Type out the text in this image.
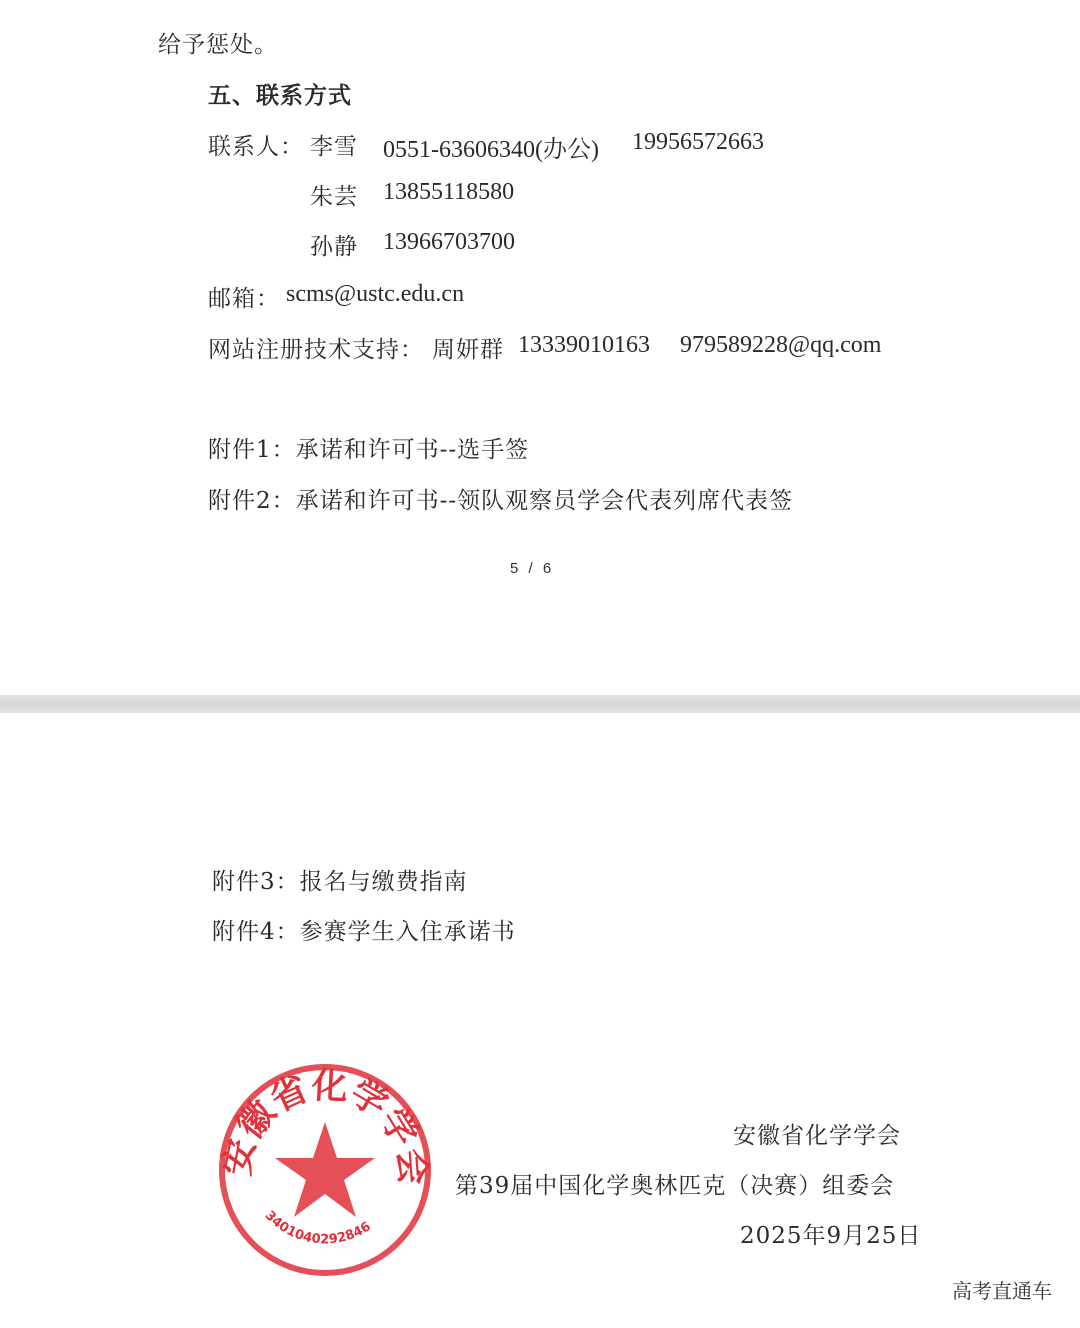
给予惩处。
五、联系方式
联系人： 李雪 0551-63606340(办公) 19956572663
朱芸 13855118580
孙静 13966703700
邮箱： scms@ustc.edu.cn
网站注册技术支持： 周妍群 13339010163 979589228@qq.com
附件1：承诺和许可书--选手签
附件2：承诺和许可书--领队观察员学会代表列席代表签
5 / 6
附件3：报名与缴费指南
附件4：参赛学生入住承诺书
安徽省化学学会
3401040292846
安徽省化学学会
第39届中国化学奥林匹克（决赛）组委会
2025年9月25日
高考直通车
